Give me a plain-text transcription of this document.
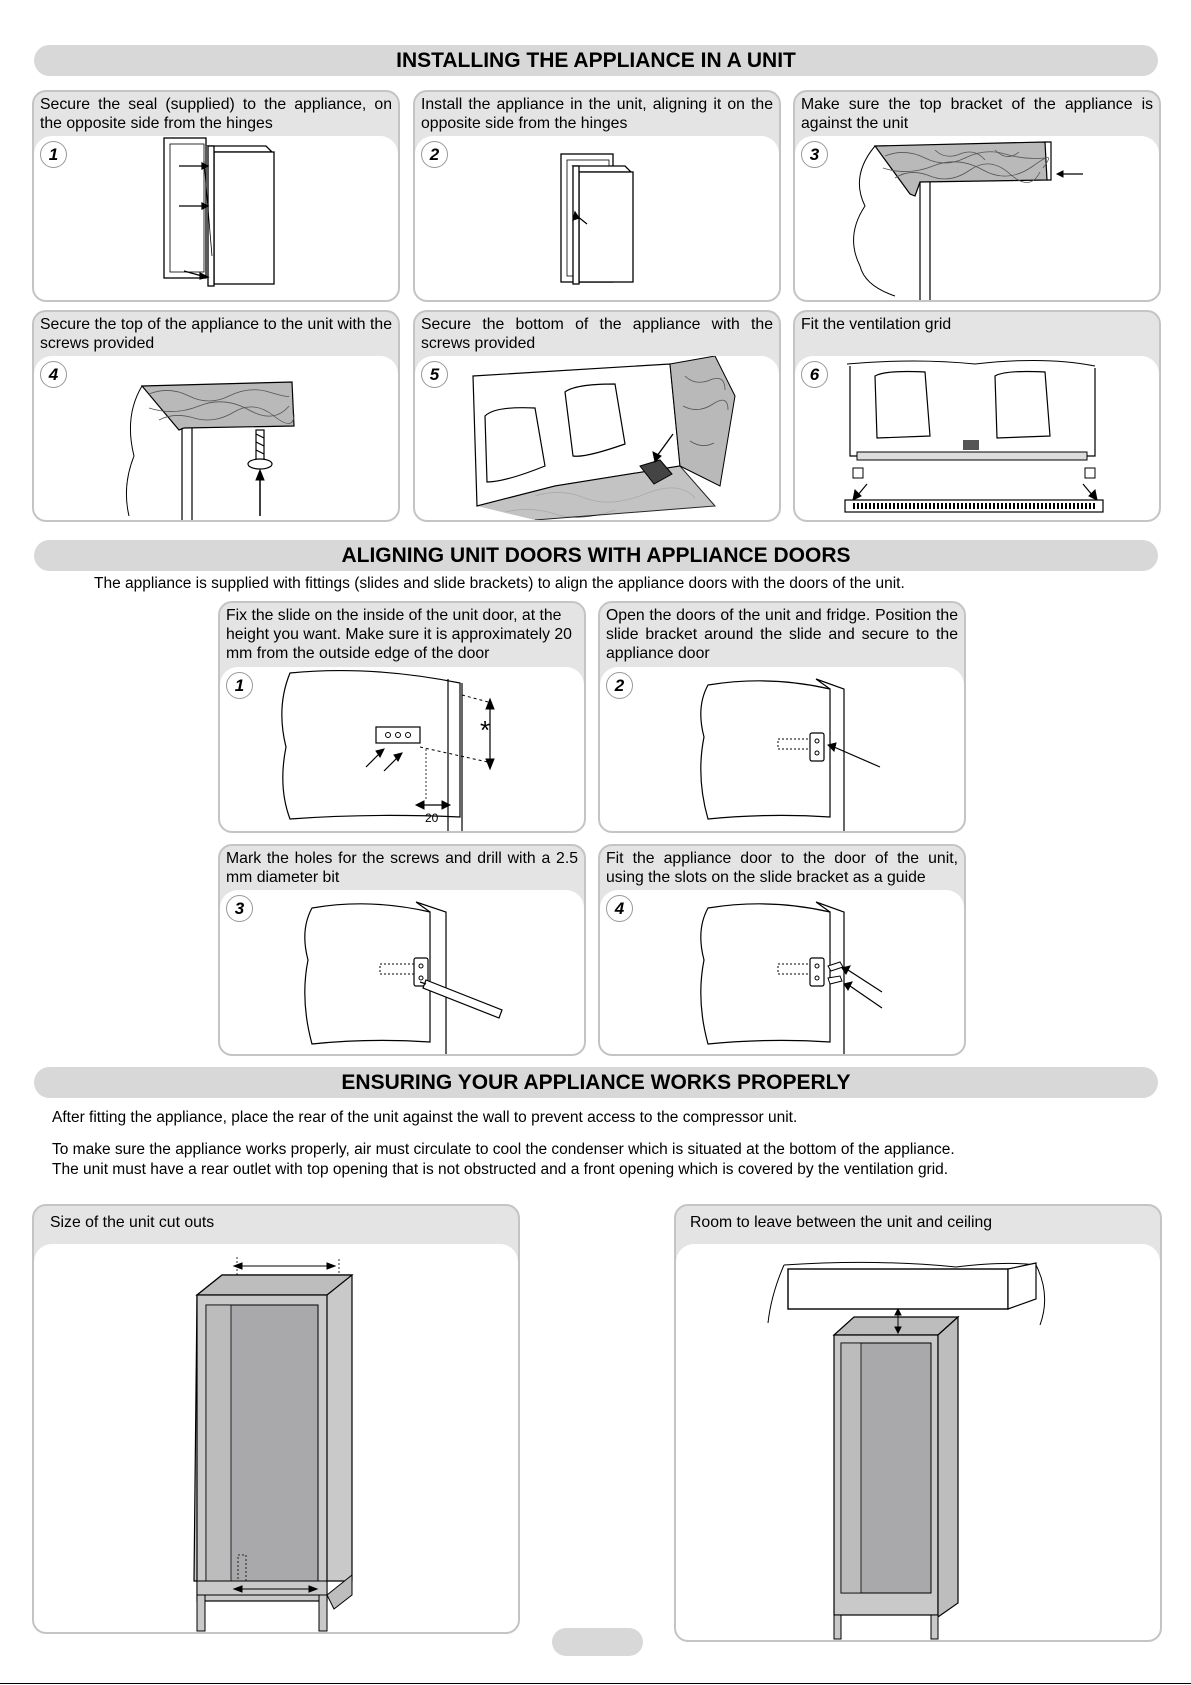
INSTALLING THE APPLIANCE IN A UNIT
Secure the seal (supplied) to the appliance, on the opposite side from the hinges
1
Install the appliance in the unit, aligning it on the opposite side from the hinges
2
Make sure the top bracket of the appliance is against the unit
3
Secure the top of the appliance to the unit with the screws provided
4
Secure the bottom of the appliance with the screws provided
5
Fit the ventilation grid
6
ALIGNING UNIT DOORS WITH APPLIANCE DOORS
The appliance is supplied with fittings (slides and slide brackets) to align the appliance doors with the doors of the unit.
Fix the slide on the inside of the unit door, at the height you want. Make sure it is approximately 20 mm from the outside edge of the door
1
*
20
Open the doors of the unit and fridge. Position the slide bracket around the slide and secure to the appliance door
2
Mark the holes for the screws and drill with a 2.5 mm diameter bit
3
Fit the appliance door to the door of the unit, using the slots on the slide bracket as a guide
4
ENSURING YOUR APPLIANCE WORKS PROPERLY
After fitting the appliance, place the rear of the unit against the wall to prevent access to the compressor unit.
To make sure the appliance works properly, air must circulate to cool the condenser which is situated at the bottom of the appliance.
The unit must have a rear outlet with top opening that is not obstructed and a front opening which is covered by the ventilation grid.
Size of the unit cut outs	Room to leave between the unit and ceiling
